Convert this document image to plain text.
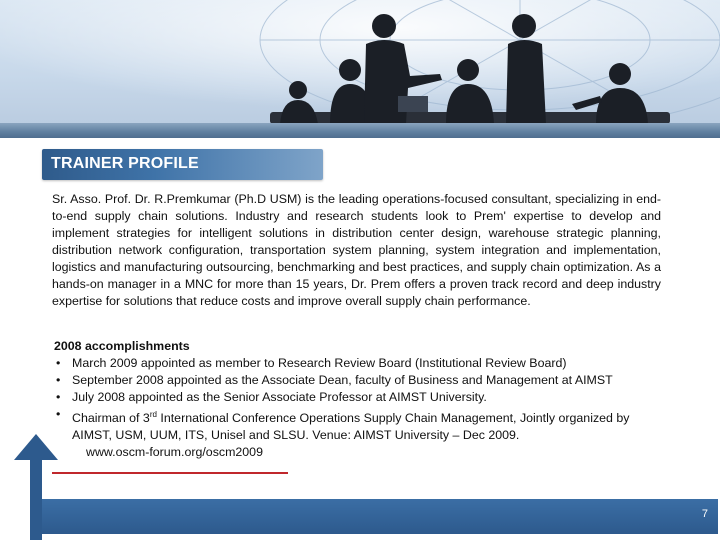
TRAINER PROFILE
Sr. Asso. Prof. Dr. R.Premkumar (Ph.D USM) is the leading operations-focused consultant, specializing in end-to-end supply chain solutions. Industry and research students look to Prem' expertise to develop and implement strategies for intelligent solutions in distribution center design, warehouse strategic planning, distribution network configuration, transportation system planning, system integration and implementation, logistics and manufacturing outsourcing, benchmarking and best practices, and supply chain optimization. As a hands-on manager in a MNC for more than 15 years, Dr. Prem offers a proven track record and deep industry expertise for solutions that reduce costs and improve overall supply chain performance.
2008 accomplishments
• March 2009 appointed as member to Research Review Board (Institutional Review Board)
• September 2008 appointed as the Associate Dean, faculty of Business and Management at AIMST
• July 2008 appointed as the Senior Associate Professor at AIMST University.
• Chairman of 3rd International Conference Operations Supply Chain Management, Jointly organized by AIMST, USM, UUM, ITS, Unisel and SLSU. Venue: AIMST University – Dec 2009.
www.oscm-forum.org/oscm2009
7
